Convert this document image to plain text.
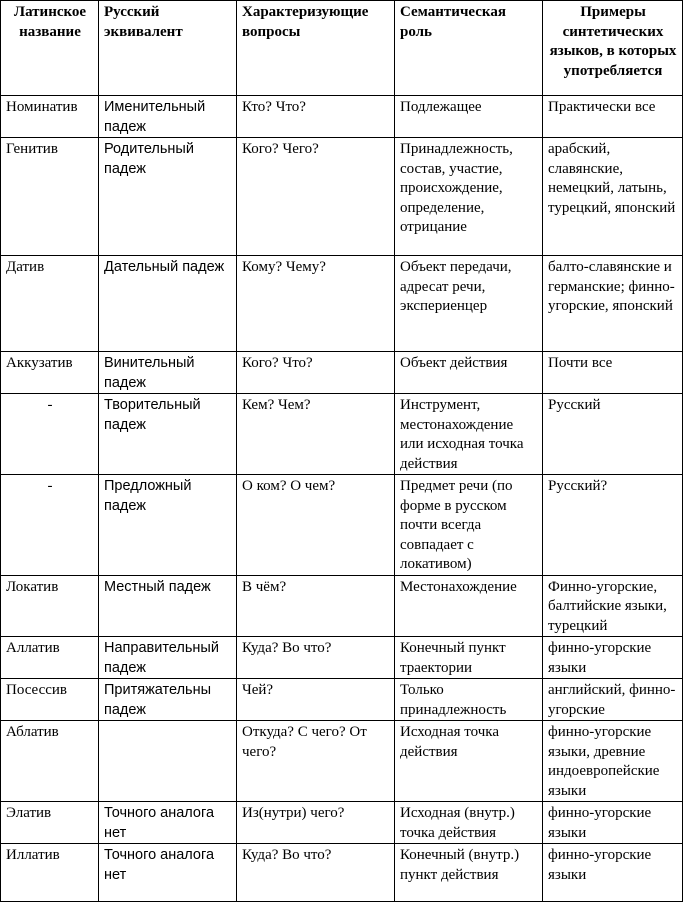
Латинское название	Русский эквивалент	Характеризующие вопросы	Семантическая роль	Примеры синтетических языков, в которых употребляется
Номинатив	Именительный падеж	Кто? Что?	Подлежащее	Практически все
Генитив	Родительный падеж	Кого? Чего?	Принадлежность, состав, участие, происхождение, определение, отрицание	арабский, славянские, немецкий, латынь, турецкий, японский
Датив	Дательный падеж	Кому? Чему?	Объект передачи, адресат речи, экспериенцер	балто-славянские и германские; финно-угорские, японский
Аккузатив	Винительный падеж	Кого? Что?	Объект действия	Почти все
-	Творительный падеж	Кем? Чем?	Инструмент, местонахождение или исходная точка действия	Русский
-	Предложный падеж	О ком? О чем?	Предмет речи (по форме в русском почти всегда совпадает с локативом)	Русский?
Локатив	Местный падеж	В чём?	Местонахождение	Финно-угорские, балтийские языки, турецкий
Аллатив	Направительный падеж	Куда? Во что?	Конечный пункт траектории	финно-угорские языки
Посессив	Притяжательны падеж	Чей?	Только принадлежность	английский, финно-угорские
Аблатив		Откуда? С чего? От чего?	Исходная точка действия	финно-угорские языки, древние индоевропейские языки
Элатив	Точного аналога нет	Из(нутри) чего?	Исходная (внутр.) точка действия	финно-угорские языки
Иллатив	Точного аналога нет	Куда? Во что?	Конечный (внутр.) пункт действия	финно-угорские языки
